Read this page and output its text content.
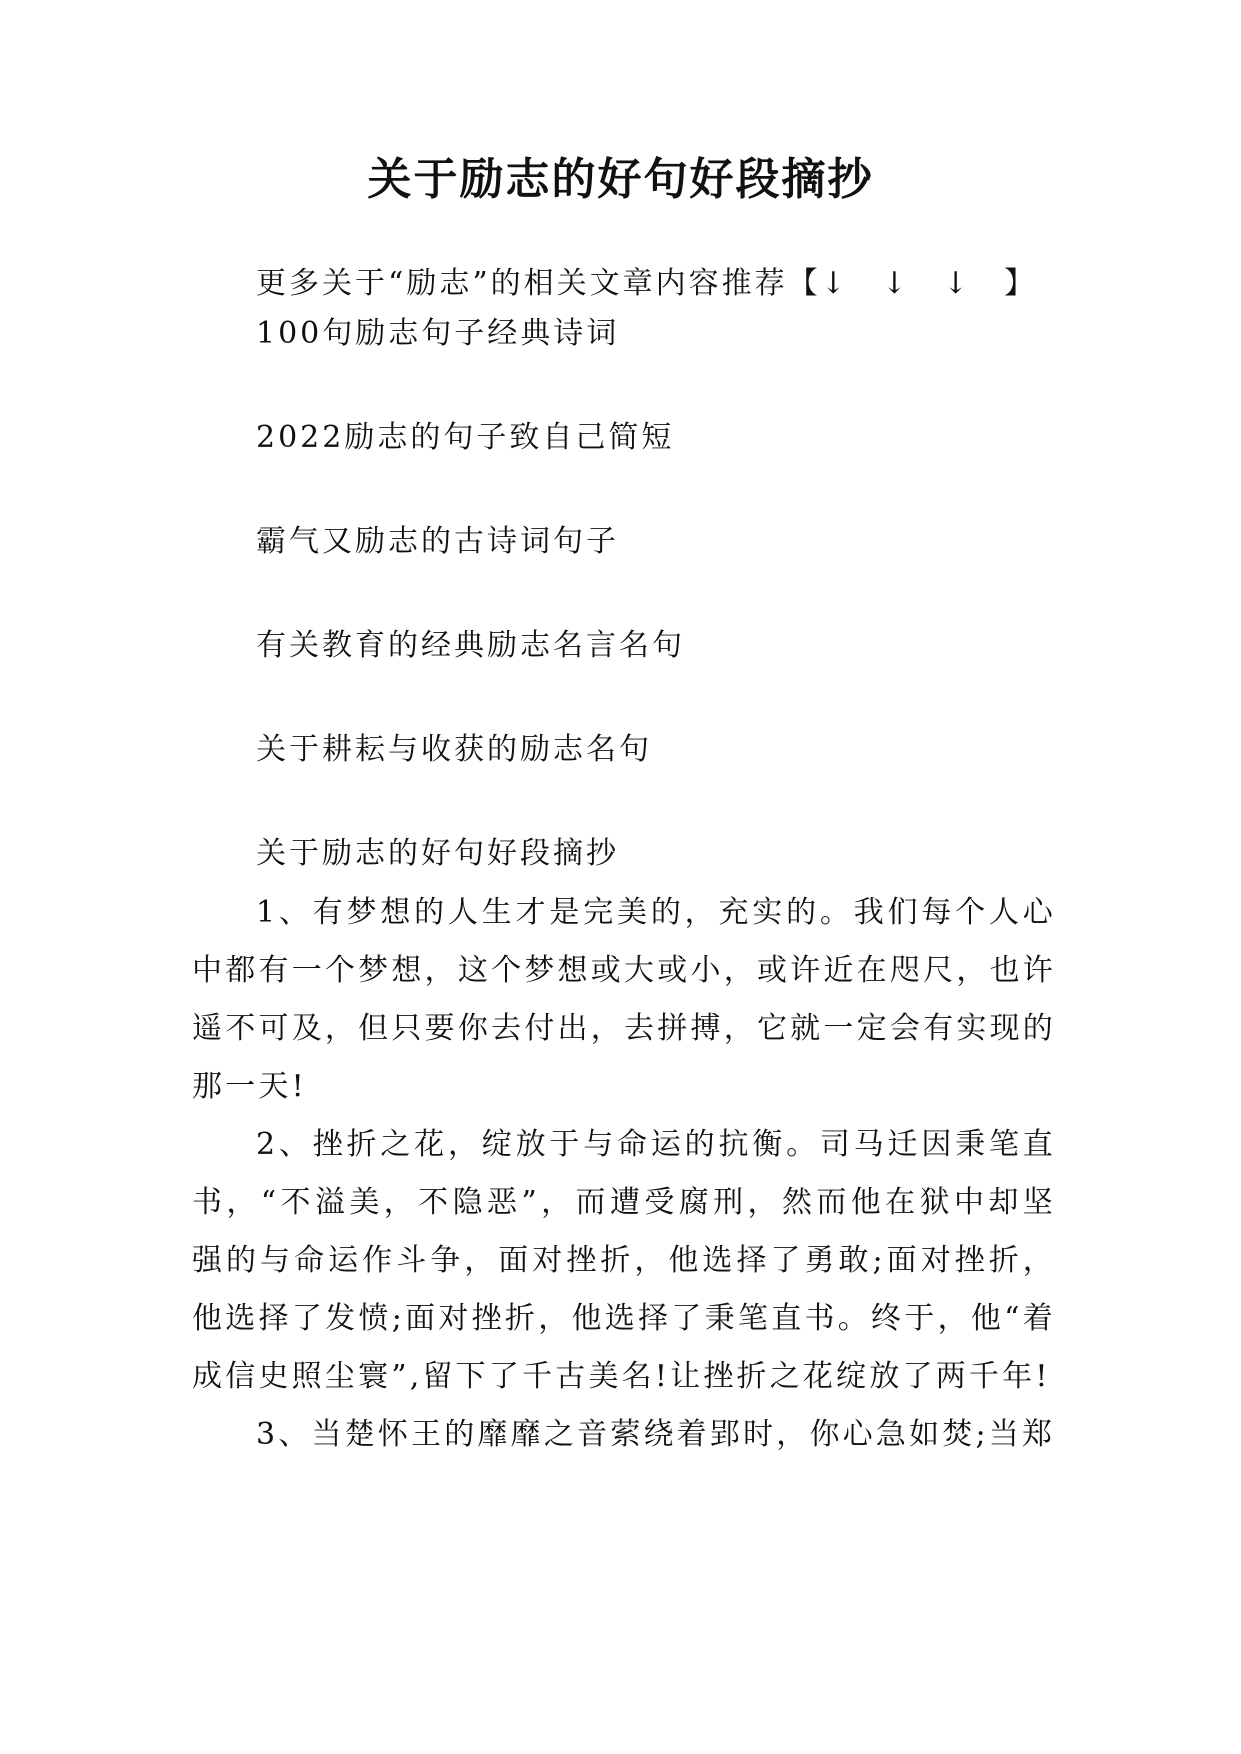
关于励志的好句好段摘抄
更多关于“励志”的相关文章内容推荐【↓　↓　↓　】
100句励志句子经典诗词
2022励志的句子致自己简短
霸气又励志的古诗词句子
有关教育的经典励志名言名句
关于耕耘与收获的励志名句
关于励志的好句好段摘抄

1、有梦想的人生才是完美的，充实的。我们每个人心中都有一个梦想，这个梦想或大或小，或许近在咫尺，也许遥不可及，但只要你去付出，去拼搏，它就一定会有实现的那一天!

2、挫折之花，绽放于与命运的抗衡。司马迁因秉笔直书，“不溢美，不隐恶”，而遭受腐刑，然而他在狱中却坚强的与命运作斗争，面对挫折，他选择了勇敢;面对挫折，他选择了发愤;面对挫折，他选择了秉笔直书。终于，他“着成信史照尘寰”,留下了千古美名!让挫折之花绽放了两千年!

3、当楚怀王的靡靡之音萦绕着郢时，你心急如焚;当郑
